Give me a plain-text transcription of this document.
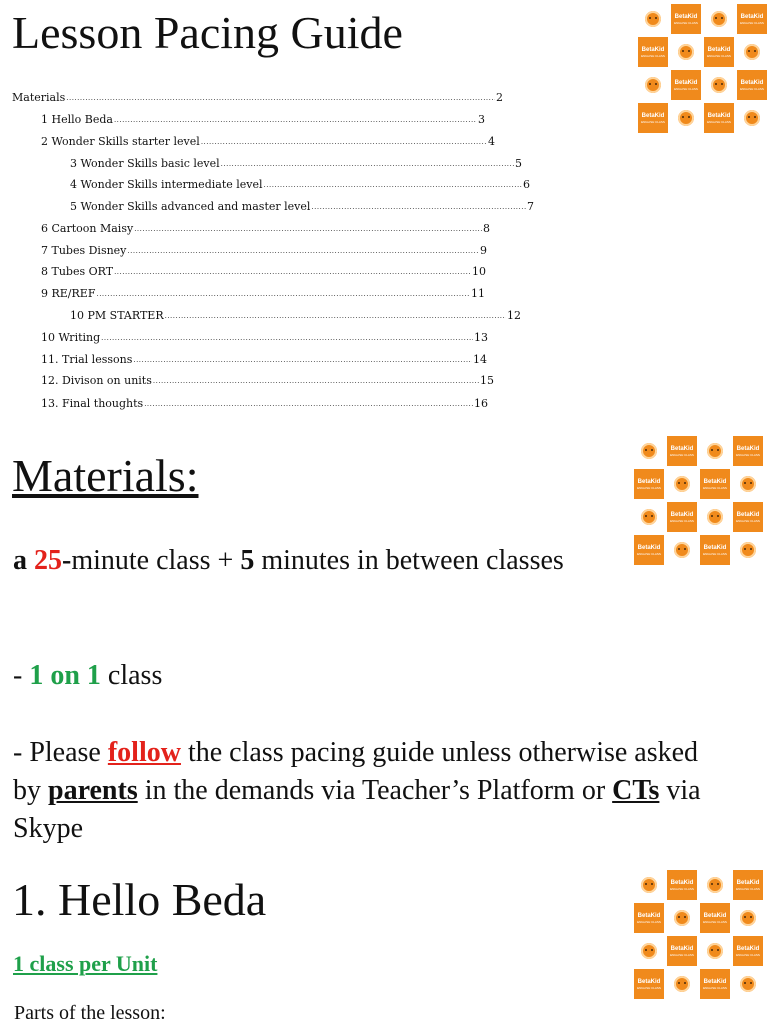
Lesson Pacing Guide
Materials .....	2
1 Hello Beda .....	3
2 Wonder Skills starter level .....	4
3 Wonder Skills basic level .....	5
4 Wonder Skills intermediate level .....	6
5 Wonder Skills advanced and master level .....	7
6 Cartoon Maisy .....	8
7 Tubes Disney .....	9
8 Tubes ORT .....	10
9 RE/REF .....	11
10 PM STARTER .....	12
10 Writing .....	13
11. Trial lessons .....	14
12. Divison on units .....	15
13. Final thoughts .....	16
Materials:
a 25-minute class + 5 minutes in between classes
- 1 on 1 class
- Please follow the class pacing guide unless otherwise asked by parents in the demands via Teacher’s Platform or CTs via Skype
1. Hello Beda
1 class per Unit
Parts of the lesson:
BetaKid
ENGLISH CLASS
BetaKid
ENGLISH CLASS
BetaKid
ENGLISH CLASS
BetaKid
ENGLISH CLASS
BetaKid
ENGLISH CLASS
BetaKid
ENGLISH CLASS
BetaKid
ENGLISH CLASS
BetaKid
ENGLISH CLASS
BetaKid
ENGLISH CLASS
BetaKid
ENGLISH CLASS
BetaKid
ENGLISH CLASS
BetaKid
ENGLISH CLASS
BetaKid
ENGLISH CLASS
BetaKid
ENGLISH CLASS
BetaKid
ENGLISH CLASS
BetaKid
ENGLISH CLASS
BetaKid
ENGLISH CLASS
BetaKid
ENGLISH CLASS
BetaKid
ENGLISH CLASS
BetaKid
ENGLISH CLASS
BetaKid
ENGLISH CLASS
BetaKid
ENGLISH CLASS
BetaKid
ENGLISH CLASS
BetaKid
ENGLISH CLASS
